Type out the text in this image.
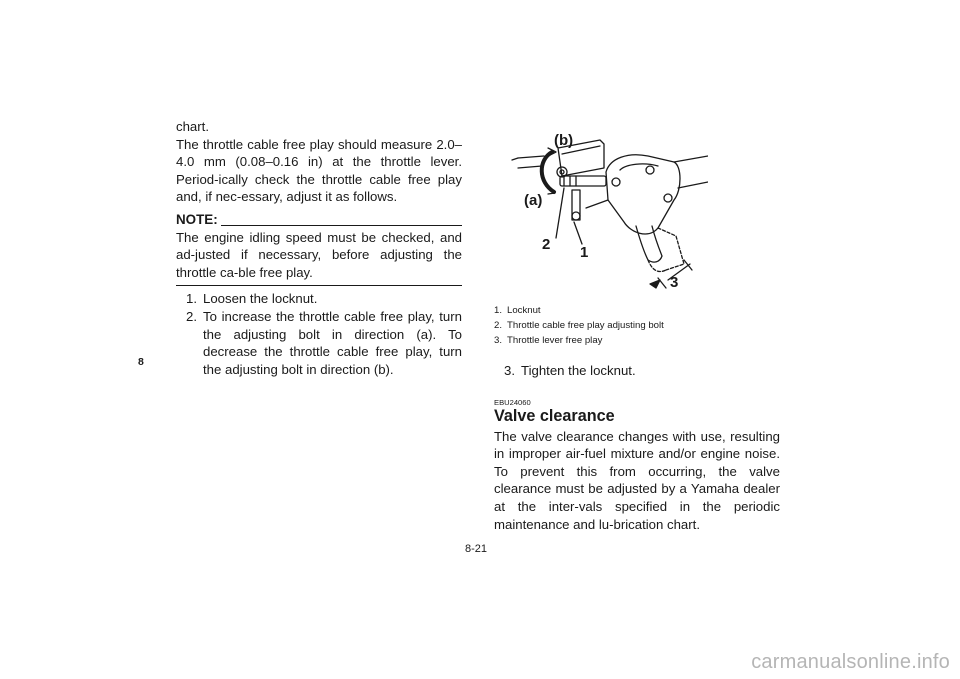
8

chart.

The throttle cable free play should measure 2.0–4.0 mm (0.08–0.16 in) at the throttle lever. Period-ically check the throttle cable free play and, if nec-essary, adjust it as follows.

NOTE:
The engine idling speed must be checked, and ad-justed if necessary, before adjusting the throttle ca-ble free play.
1. Loosen the locknut.
2. To increase the throttle cable free play, turn the adjusting bolt in direction (a). To decrease the throttle cable free play, turn the adjusting bolt in direction (b).
(b)
(a)
2 1
3
1. Locknut
2. Throttle cable free play adjusting bolt
3. Throttle lever free play
3. Tighten the locknut.
EBU24060
Valve clearance

The valve clearance changes with use, resulting in improper air-fuel mixture and/or engine noise. To prevent this from occurring, the valve clearance must be adjusted by a Yamaha dealer at the inter-vals specified in the periodic maintenance and lu-brication chart.

8-21
carmanualsonline.info
